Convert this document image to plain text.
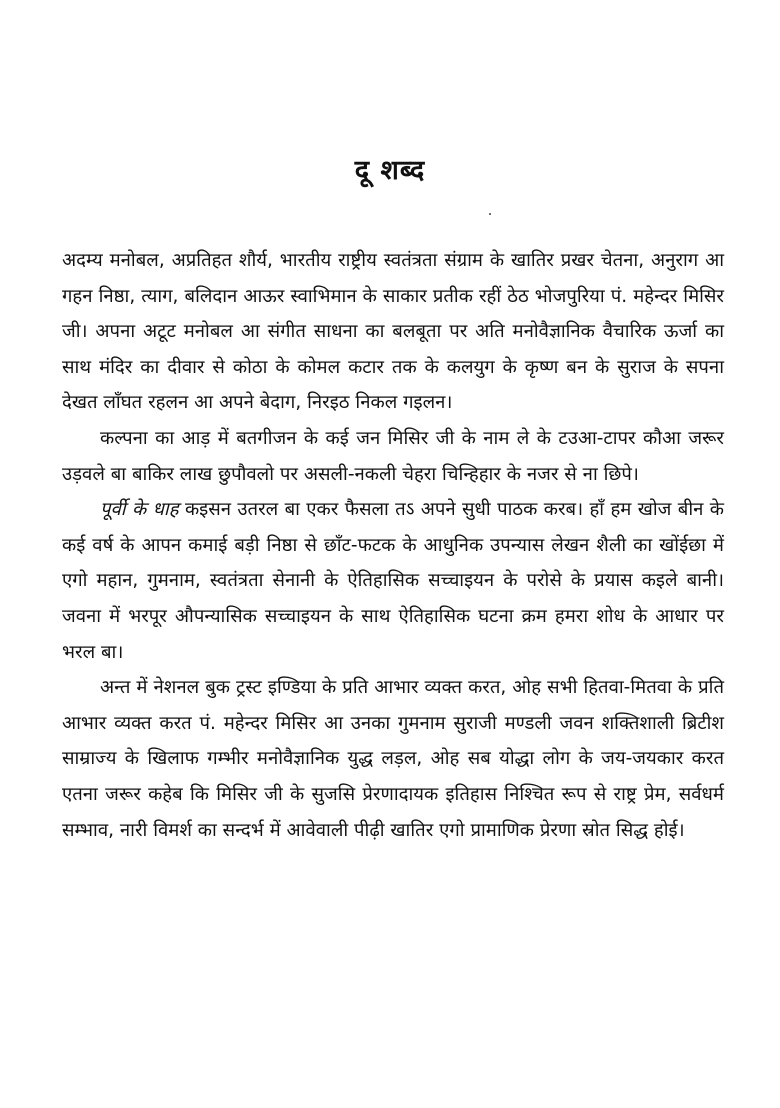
दू शब्द

अदम्य मनोबल, अप्रतिहत शौर्य, भारतीय राष्ट्रीय स्वतंत्रता संग्राम के खातिर प्रखर चेतना, अनुराग आ गहन निष्ठा, त्याग, बलिदान आऊर स्वाभिमान के साकार प्रतीक रहीं ठेठ भोजपुरिया पं. महेन्दर मिसिर जी। अपना अटूट मनोबल आ संगीत साधना का बलबूता पर अति मनोवैज्ञानिक वैचारिक ऊर्जा का साथ मंदिर का दीवार से कोठा के कोमल कटार तक के कलयुग के कृष्ण बन के सुराज के सपना देखत लाँघत रहलन आ अपने बेदाग, निरइठ निकल गइलन।

कल्पना का आड़ में बतगीजन के कई जन मिसिर जी के नाम ले के टउआ-टापर कौआ जरूर उड़वले बा बाकिर लाख छुपौवलो पर असली-नकली चेहरा चिन्हिहार के नजर से ना छिपे।

पूर्वी के धाह कइसन उतरल बा एकर फैसला तऽ अपने सुधी पाठक करब। हाँ हम खोज बीन के कई वर्ष के आपन कमाई बड़ी निष्ठा से छाँट-फटक के आधुनिक उपन्यास लेखन शैली का खोंईछा में एगो महान, गुमनाम, स्वतंत्रता सेनानी के ऐतिहासिक सच्चाइयन के परोसे के प्रयास कइले बानी। जवना में भरपूर औपन्यासिक सच्चाइयन के साथ ऐतिहासिक घटना क्रम हमरा शोध के आधार पर भरल बा।

अन्त में नेशनल बुक ट्रस्ट इण्डिया के प्रति आभार व्यक्त करत, ओह सभी हितवा-मितवा के प्रति आभार व्यक्त करत पं. महेन्दर मिसिर आ उनका गुमनाम सुराजी मण्डली जवन शक्तिशाली ब्रिटीश साम्राज्य के खिलाफ गम्भीर मनोवैज्ञानिक युद्ध लड़ल, ओह सब योद्धा लोग के जय-जयकार करत एतना जरूर कहेब कि मिसिर जी के सुजसि प्रेरणादायक इतिहास निश्चित रूप से राष्ट्र प्रेम, सर्वधर्म सम्भाव, नारी विमर्श का सन्दर्भ में आवेवाली पीढ़ी खातिर एगो प्रामाणिक प्रेरणा स्रोत सिद्ध होई।
